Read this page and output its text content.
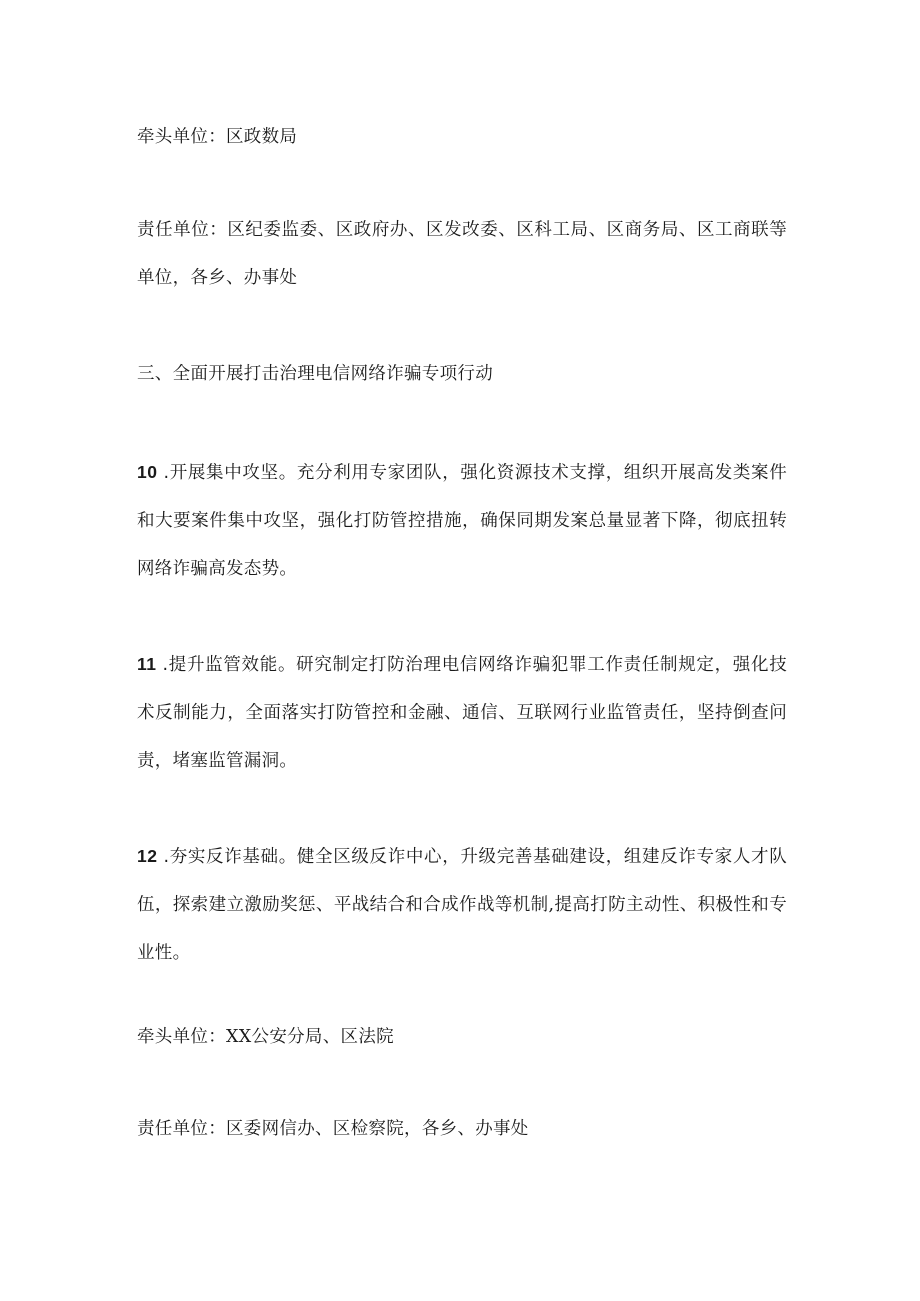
牵头单位：区政数局

责任单位：区纪委监委、区政府办、区发改委、区科工局、区商务局、区工商联等单位，各乡、办事处

三、全面开展打击治理电信网络诈骗专项行动

10 .开展集中攻坚。充分利用专家团队，强化资源技术支撑，组织开展高发类案件和大要案件集中攻坚，强化打防管控措施，确保同期发案总量显著下降，彻底扭转网络诈骗高发态势。

11 .提升监管效能。研究制定打防治理电信网络诈骗犯罪工作责任制规定，强化技术反制能力，全面落实打防管控和金融、通信、互联网行业监管责任，坚持倒查问责，堵塞监管漏洞。

12 .夯实反诈基础。健全区级反诈中心，升级完善基础建设，组建反诈专家人才队伍，探索建立激励奖惩、平战结合和合成作战等机制,提高打防主动性、积极性和专业性。

牵头单位：XX公安分局、区法院

责任单位：区委网信办、区检察院，各乡、办事处
